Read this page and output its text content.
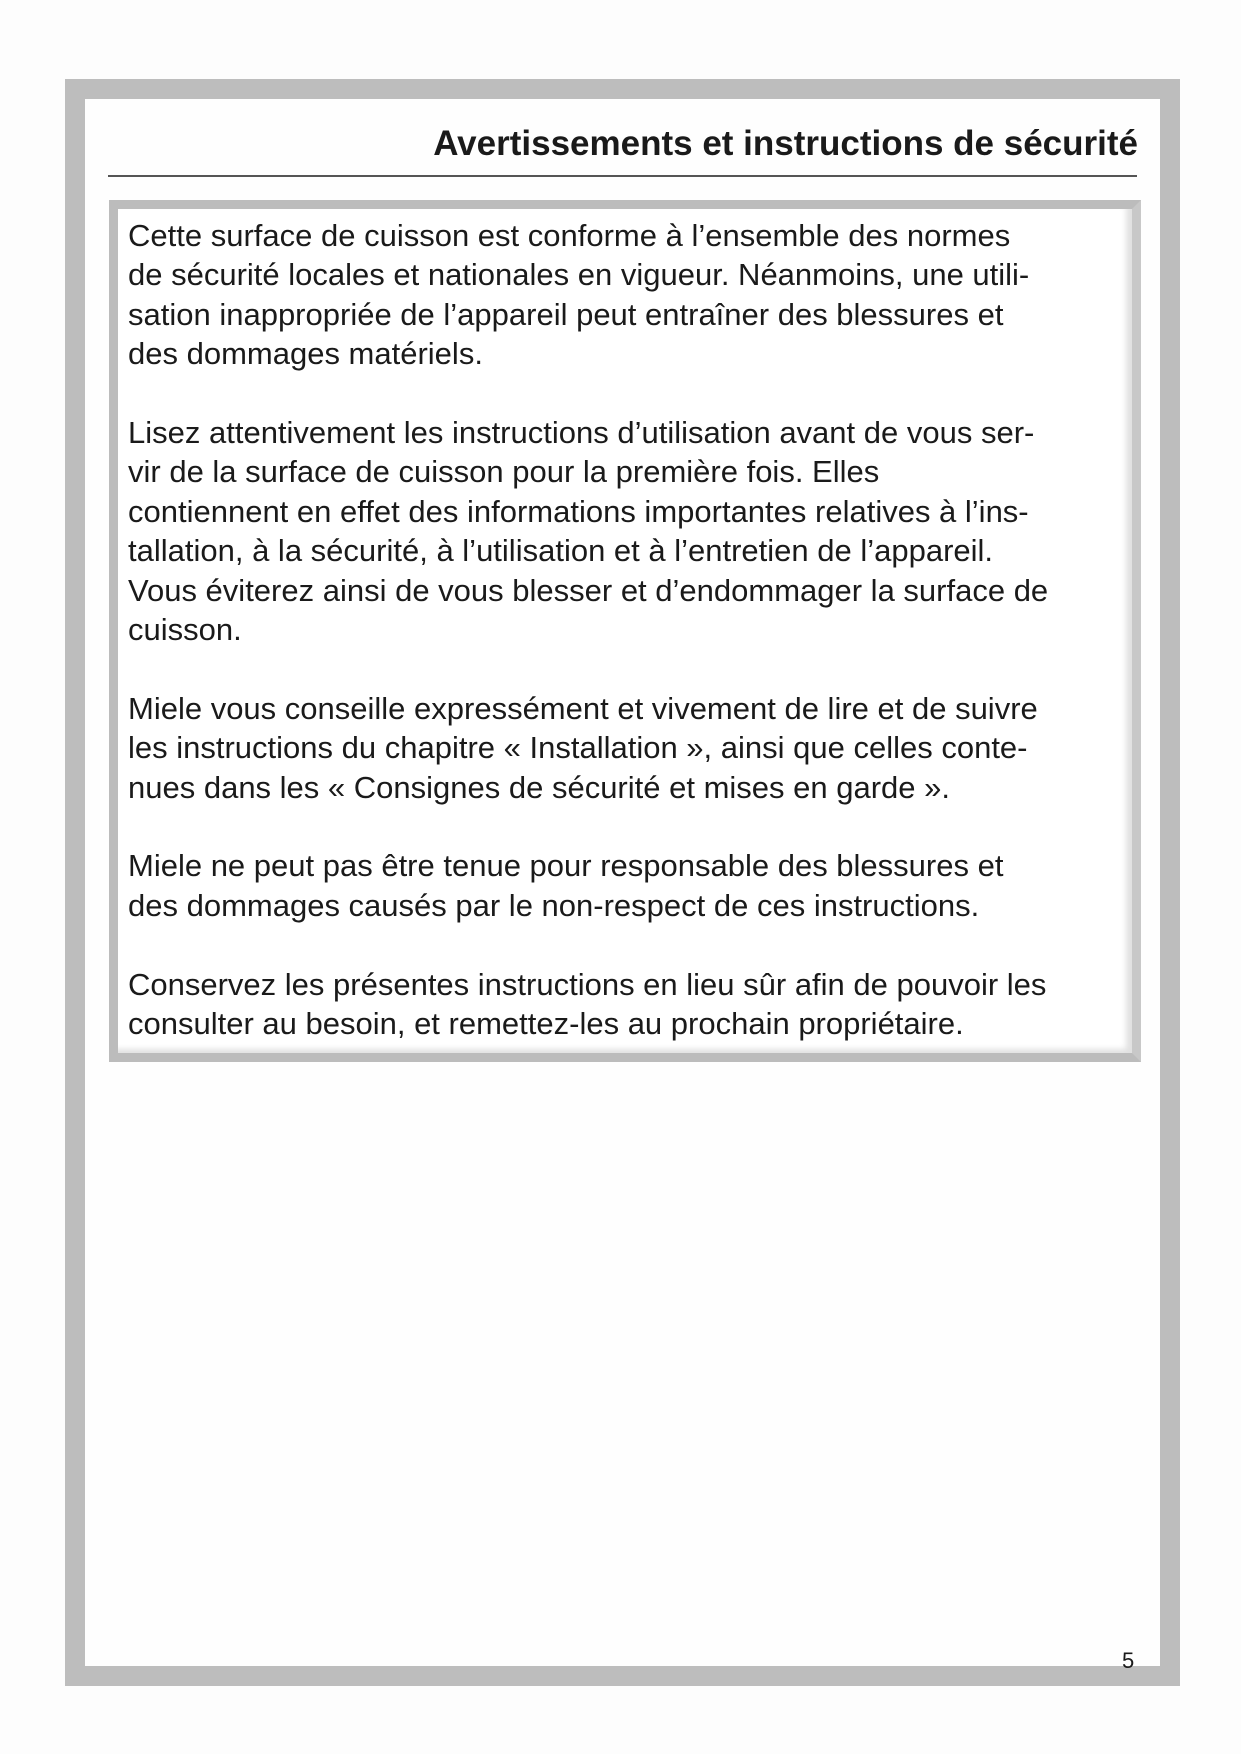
Avertissements et instructions de sécurité
Cette surface de cuisson est conforme à l’ensemble des normes
de sécurité locales et nationales en vigueur. Néanmoins, une utili-
sation inappropriée de l’appareil peut entraîner des blessures et
des dommages matériels.
Lisez attentivement les instructions d’utilisation avant de vous ser-
vir de la surface de cuisson pour la première fois. Elles
contiennent en effet des informations importantes relatives à l’ins-
tallation, à la sécurité, à l’utilisation et à l’entretien de l’appareil.
Vous éviterez ainsi de vous blesser et d’endommager la surface de
cuisson.
Miele vous conseille expressément et vivement de lire et de suivre
les instructions du chapitre « Installation », ainsi que celles conte-
nues dans les « Consignes de sécurité et mises en garde ».
Miele ne peut pas être tenue pour responsable des blessures et
des dommages causés par le non-respect de ces instructions.
Conservez les présentes instructions en lieu sûr afin de pouvoir les
consulter au besoin, et remettez-les au prochain propriétaire.
5
